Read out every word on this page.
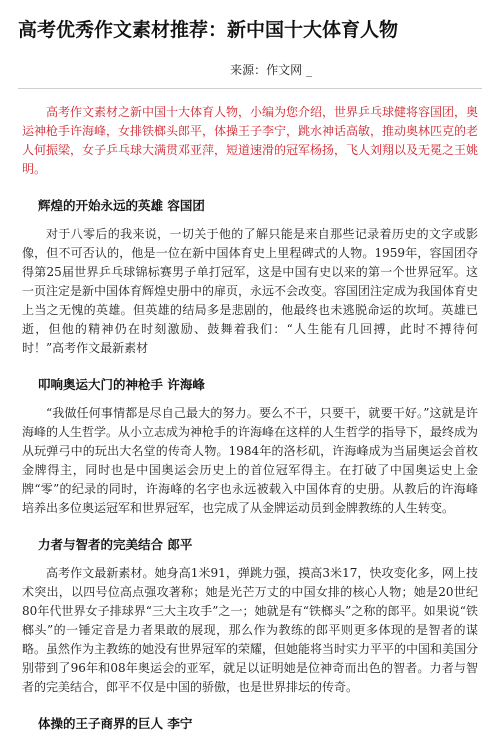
高考优秀作文素材推荐：新中国十大体育人物
来源：作文网 _

高考作文素材之新中国十大体育人物，小编为您介绍，世界乒乓球健将容国团，奥运神枪手许海峰，女排铁榔头郎平，体操王子李宁，跳水神话高敏，推动奥林匹克的老人何振梁，女子乒乓球大满贯邓亚萍，短道速滑的冠军杨扬，飞人刘翔以及无冕之王姚明。

辉煌的开始永远的英雄 容国团

对于八零后的我来说，一切关于他的了解只能是来自那些记录着历史的文字或影像，但不可否认的，他是一位在新中国体育史上里程碑式的人物。1959年，容国团夺得第25届世界乒乓球锦标赛男子单打冠军，这是中国有史以来的第一个世界冠军。这一页注定是新中国体育辉煌史册中的扉页，永远不会改变。容国团注定成为我国体育史上当之无愧的英雄。但英雄的结局多是悲剧的，他最终也未逃脱命运的坎坷。英雄已逝，但他的精神仍在时刻激励、鼓舞着我们：“人生能有几回搏，此时不搏待何时！”高考作文最新素材

叩响奥运大门的神枪手 许海峰

“我做任何事情都是尽自己最大的努力。要么不干，只要干，就要干好。”这就是许海峰的人生哲学。从小立志成为神枪手的许海峰在这样的人生哲学的指导下，最终成为从玩弹弓中的玩出大名堂的传奇人物。1984年的洛杉矶，许海峰成为当届奥运会首枚金牌得主，同时也是中国奥运会历史上的首位冠军得主。在打破了中国奥运史上金牌“零”的纪录的同时，许海峰的名字也永远被载入中国体育的史册。从教后的许海峰培养出多位奥运冠军和世界冠军，也完成了从金牌运动员到金牌教练的人生转变。

力者与智者的完美结合 郎平

高考作文最新素材。她身高1米91，弹跳力强，摸高3米17，快攻变化多，网上技术突出，以四号位高点强攻著称；她是光芒万丈的中国女排的核心人物；她是20世纪80年代世界女子排球界“三大主攻手”之一；她就是有“铁榔头”之称的郎平。如果说“铁榔头”的一锤定音是力者果敢的展现，那么作为教练的郎平则更多体现的是智者的谋略。虽然作为主教练的她没有世界冠军的荣耀，但她能将当时实力平平的中国和美国分别带到了96年和08年奥运会的亚军，就足以证明她是位神奇而出色的智者。力者与智者的完美结合，郎平不仅是中国的骄傲，也是世界排坛的传奇。

体操的王子商界的巨人 李宁
